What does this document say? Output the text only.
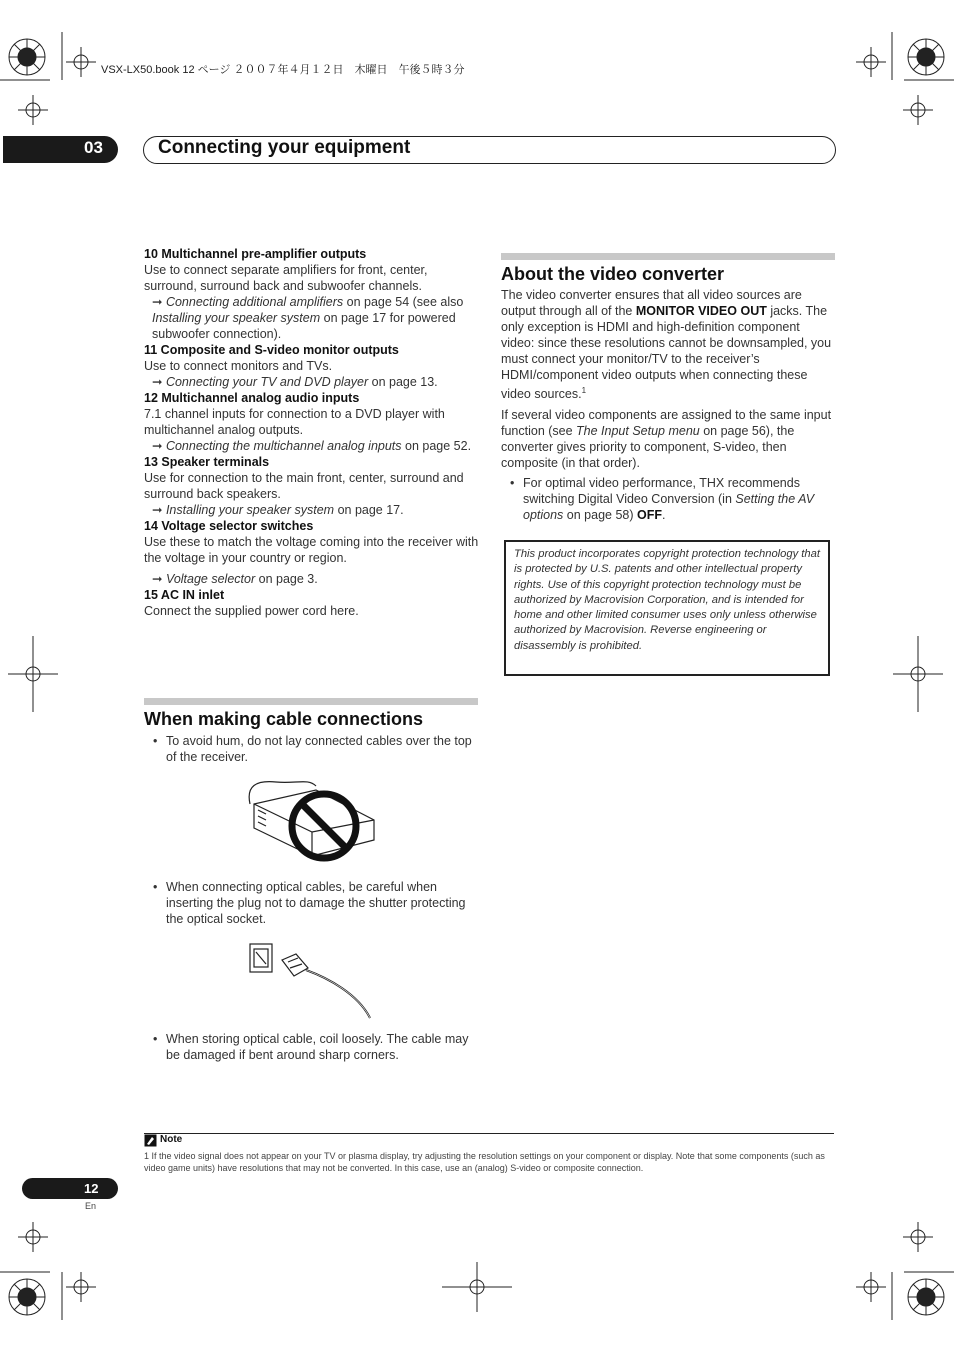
VSX-LX50.book 12 ページ ２００７年４月１２日　木曜日　午後５時３分
03	Connecting your equipment
10 Multichannel pre-amplifier outputs
Use to connect separate amplifiers for front, center, surround, surround back and subwoofer channels.
➞ Connecting additional amplifiers on page 54 (see also Installing your speaker system on page 17 for powered subwoofer connection).
11 Composite and S-video monitor outputs
Use to connect monitors and TVs.
➞ Connecting your TV and DVD player on page 13.
12 Multichannel analog audio inputs
7.1 channel inputs for connection to a DVD player with multichannel analog outputs.
➞ Connecting the multichannel analog inputs on page 52.
13 Speaker terminals
Use for connection to the main front, center, surround and surround back speakers.
➞ Installing your speaker system on page 17.
14 Voltage selector switches
Use these to match the voltage coming into the receiver with the voltage in your country or region.
➞ Voltage selector on page 3.
15 AC IN inlet
Connect the supplied power cord here.
When making cable connections
• To avoid hum, do not lay connected cables over the top of the receiver.
• When connecting optical cables, be careful when inserting the plug not to damage the shutter protecting the optical socket.
• When storing optical cable, coil loosely. The cable may be damaged if bent around sharp corners.
About the video converter
The video converter ensures that all video sources are output through all of the MONITOR VIDEO OUT jacks. The only exception is HDMI and high-definition component video: since these resolutions cannot be downsampled, you must connect your monitor/TV to the receiver’s HDMI/component video outputs when connecting these video sources.$^1$
If several video components are assigned to the same input function (see The Input Setup menu on page 56), the converter gives priority to component, S-video, then composite (in that order).
• For optimal video performance, THX recommends switching Digital Video Conversion (in Setting the AV options on page 58) OFF.
This product incorporates copyright protection technology that is protected by U.S. patents and other intellectual property rights. Use of this copyright protection technology must be authorized by Macrovision Corporation, and is intended for home and other limited consumer uses only unless otherwise authorized by Macrovision. Reverse engineering or disassembly is prohibited.
Note
1 If the video signal does not appear on your TV or plasma display, try adjusting the resolution settings on your component or display. Note that some components (such as video game units) have resolutions that may not be converted. In this case, use an (analog) S-video or composite connection.
12
En
